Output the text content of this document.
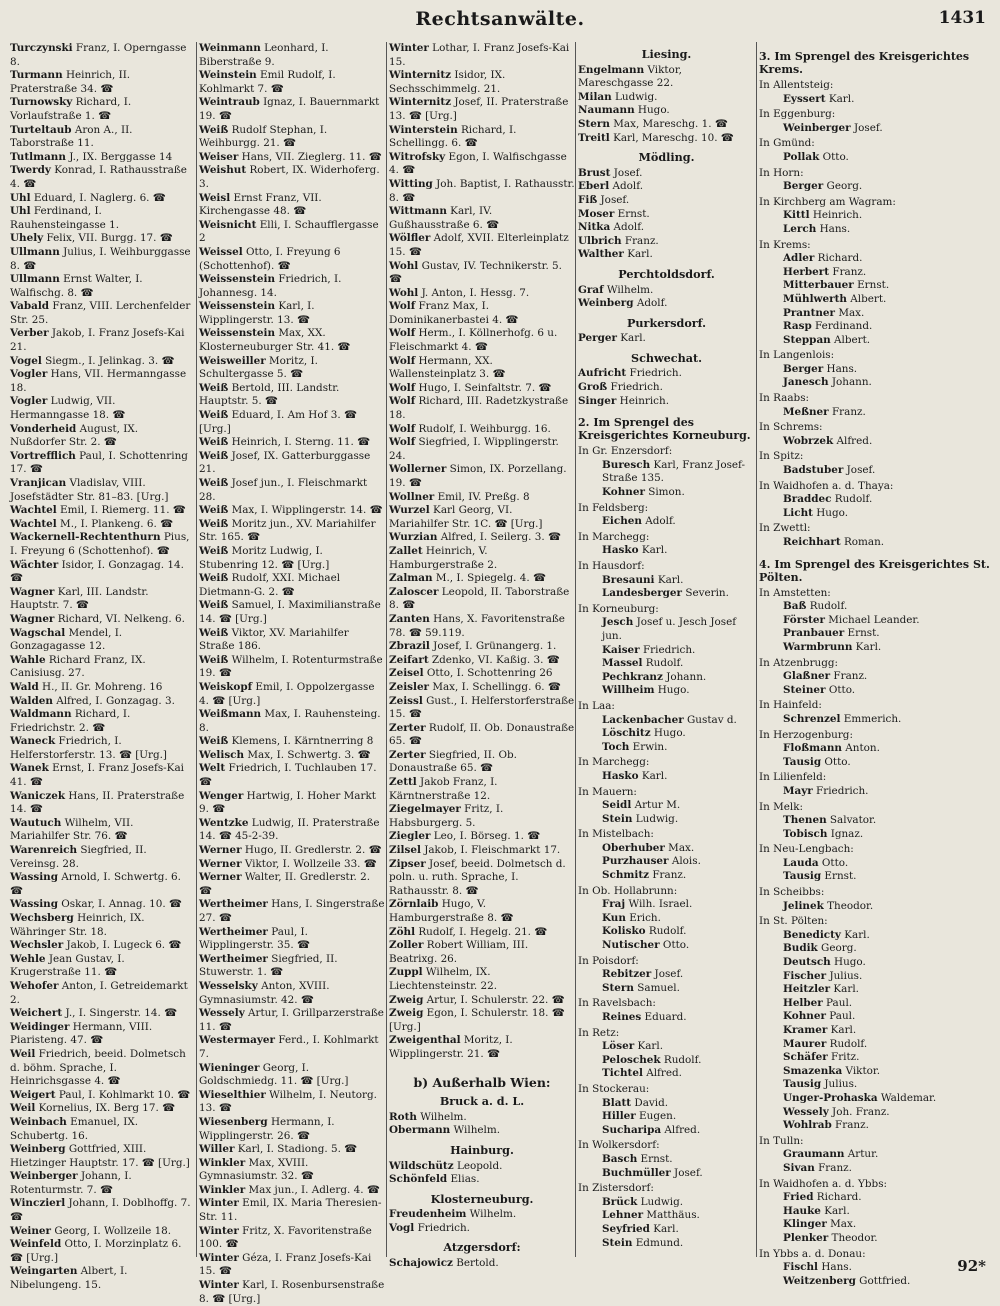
Rechtsanwälte.	1431
Turczynski Franz, I. Operngasse 8.
Turmann Heinrich, II. Praterstraße 34. ☎
Turnowsky Richard, I. Vorlaufstraße 1. ☎
Turteltaub Aron A., II. Taborstraße 11.
Tutlmann J., IX. Berggasse 14
Twerdy Konrad, I. Rathausstraße 4. ☎
Uhl Eduard, I. Naglerg. 6. ☎
Uhl Ferdinand, I. Rauhensteingasse 1.
Uhely Felix, VII. Burgg. 17. ☎
Ullmann Julius, I. Weihburggasse 8. ☎
Ullmann Ernst Walter, I. Walfischg. 8. ☎
Vabald Franz, VIII. Lerchenfelder Str. 25.
Verber Jakob, I. Franz Josefs-Kai 21.
Vogel Siegm., I. Jelinkag. 3. ☎
Vogler Hans, VII. Hermanngasse 18.
Vogler Ludwig, VII. Hermanngasse 18. ☎
Vonderheid August, IX. Nußdorfer Str. 2. ☎
Vortrefflich Paul, I. Schottenring 17. ☎
Vranjican Vladislav, VIII. Josefstädter Str. 81–83. [Urg.]
Wachtel Emil, I. Riemerg. 11. ☎
Wachtel M., I. Plankeng. 6. ☎
Wackernell-Rechtenthurn Pius, I. Freyung 6 (Schottenhof). ☎
Wächter Isidor, I. Gonzagag. 14. ☎
Wagner Karl, III. Landstr. Hauptstr. 7. ☎
Wagner Richard, VI. Nelkeng. 6.
Wagschal Mendel, I. Gonzagagasse 12.
Wahle Richard Franz, IX. Canisiusg. 27.
Wald H., II. Gr. Mohreng. 16
Walden Alfred, I. Gonzagag. 3.
Waldmann Richard, I. Friedrichstr. 2. ☎
Waneck Friedrich, I. Helferstorferstr. 13. ☎ [Urg.]
Wanek Ernst, I. Franz Josefs-Kai 41. ☎
Waniczek Hans, II. Praterstraße 14. ☎
Wautuch Wilhelm, VII. Mariahilfer Str. 76. ☎
Warenreich Siegfried, II. Vereinsg. 28.
Wassing Arnold, I. Schwertg. 6. ☎
Wassing Oskar, I. Annag. 10. ☎
Wechsberg Heinrich, IX. Währinger Str. 18.
Wechsler Jakob, I. Lugeck 6. ☎
Wehle Jean Gustav, I. Krugerstraße 11. ☎
Wehofer Anton, I. Getreidemarkt 2.
Weichert J., I. Singerstr. 14. ☎
Weidinger Hermann, VIII. Piaristeng. 47. ☎
Weil Friedrich, beeid. Dolmetsch d. böhm. Sprache, I. Heinrichsgasse 4. ☎
Weigert Paul, I. Kohlmarkt 10. ☎
Weil Kornelius, IX. Berg 17. ☎
Weinbach Emanuel, IX. Schubertg. 16.
Weinberg Gottfried, XIII. Hietzinger Hauptstr. 17. ☎ [Urg.]
Weinberger Johann, I. Rotenturmstr. 7. ☎
Winczierl Johann, I. Doblhoffg. 7. ☎
Weiner Georg, I. Wollzeile 18.
Weinfeld Otto, I. Morzinplatz 6. ☎ [Urg.]
Weingarten Albert, I. Nibelungeng. 15.
Weinmann Leonhard, I. Biberstraße 9.
Weinstein Emil Rudolf, I. Kohlmarkt 7. ☎
Weintraub Ignaz, I. Bauernmarkt 19. ☎
Weiß Rudolf Stephan, I. Weihburgg. 21. ☎
Weiser Hans, VII. Zieglerg. 11. ☎
Weishut Robert, IX. Widerhoferg. 3.
Weisl Ernst Franz, VII. Kirchengasse 48. ☎
Weisnicht Elli, I. Schaufflergasse 2
Weissel Otto, I. Freyung 6 (Schottenhof). ☎
Weissenstein Friedrich, I. Johannesg. 14.
Weissenstein Karl, I. Wipplingerstr. 13. ☎
Weissenstein Max, XX. Klosterneuburger Str. 41. ☎
Weisweiller Moritz, I. Schultergasse 5. ☎
Weiß Bertold, III. Landstr. Hauptstr. 5. ☎
Weiß Eduard, I. Am Hof 3. ☎ [Urg.]
Weiß Heinrich, I. Sterng. 11. ☎
Weiß Josef, IX. Gatterburggasse 21.
Weiß Josef jun., I. Fleischmarkt 28.
Weiß Max, I. Wipplingerstr. 14. ☎
Weiß Moritz jun., XV. Mariahilfer Str. 165. ☎
Weiß Moritz Ludwig, I. Stubenring 12. ☎ [Urg.]
Weiß Rudolf, XXI. Michael Dietmann-G. 2. ☎
Weiß Samuel, I. Maximilianstraße 14. ☎ [Urg.]
Weiß Viktor, XV. Mariahilfer Straße 186.
Weiß Wilhelm, I. Rotenturmstraße 19. ☎
Weiskopf Emil, I. Oppolzergasse 4. ☎ [Urg.]
Weißmann Max, I. Rauhensteing. 8.
Weiß Klemens, I. Kärntnerring 8
Welisch Max, I. Schwertg. 3. ☎
Welt Friedrich, I. Tuchlauben 17. ☎
Wenger Hartwig, I. Hoher Markt 9. ☎
Wentzke Ludwig, II. Praterstraße 14. ☎ 45-2-39.
Werner Hugo, II. Gredlerstr. 2. ☎
Werner Viktor, I. Wollzeile 33. ☎
Werner Walter, II. Gredlerstr. 2. ☎
Wertheimer Hans, I. Singerstraße 27. ☎
Wertheimer Paul, I. Wipplingerstr. 35. ☎
Wertheimer Siegfried, II. Stuwerstr. 1. ☎
Wesselsky Anton, XVIII. Gymnasiumstr. 42. ☎
Wessely Artur, I. Grillparzerstraße 11. ☎
Westermayer Ferd., I. Kohlmarkt 7.
Wieninger Georg, I. Goldschmiedg. 11. ☎ [Urg.]
Wieselthier Wilhelm, I. Neutorg. 13. ☎
Wiesenberg Hermann, I. Wipplingerstr. 26. ☎
Willer Karl, I. Stadiong. 5. ☎
Winkler Max, XVIII. Gymnasiumstr. 32. ☎
Winkler Max jun., I. Adlerg. 4. ☎
Winter Emil, IX. Maria Theresien-Str. 11.
Winter Fritz, X. Favoritenstraße 100. ☎
Winter Géza, I. Franz Josefs-Kai 15. ☎
Winter Karl, I. Rosenbursenstraße 8. ☎ [Urg.]
Winter Lothar, I. Franz Josefs-Kai 15.
Winternitz Isidor, IX. Sechsschimmelg. 21.
Winternitz Josef, II. Praterstraße 13. ☎ [Urg.]
Winterstein Richard, I. Schellingg. 6. ☎
Witrofsky Egon, I. Walfischgasse 4. ☎
Witting Joh. Baptist, I. Rathausstr. 8. ☎
Wittmann Karl, IV. Gußhausstraße 6. ☎
Wölfler Adolf, XVII. Elterleinplatz 15. ☎
Wohl Gustav, IV. Technikerstr. 5. ☎
Wohl J. Anton, I. Hessg. 7.
Wolf Franz Max, I. Dominikanerbastei 4. ☎
Wolf Herm., I. Köllnerhofg. 6 u. Fleischmarkt 4. ☎
Wolf Hermann, XX. Wallensteinplatz 3. ☎
Wolf Hugo, I. Seinfaltstr. 7. ☎
Wolf Richard, III. Radetzkystraße 18.
Wolf Rudolf, I. Weihburgg. 16.
Wolf Siegfried, I. Wipplingerstr. 24.
Wollerner Simon, IX. Porzellang. 19. ☎
Wollner Emil, IV. Preßg. 8
Wurzel Karl Georg, VI. Mariahilfer Str. 1C. ☎ [Urg.]
Wurzian Alfred, I. Seilerg. 3. ☎
Zallet Heinrich, V. Hamburgerstraße 2.
Zalman M., I. Spiegelg. 4. ☎
Zaloscer Leopold, II. Taborstraße 8. ☎
Zanten Hans, X. Favoritenstraße 78. ☎ 59.119.
Zbrazil Josef, I. Grünangerg. 1.
Zeifart Zdenko, VI. Kaßig. 3. ☎
Zeisel Otto, I. Schottenring 26
Zeisler Max, I. Schellingg. 6. ☎
Zeissl Gust., I. Helferstorferstraße 15. ☎
Zerter Rudolf, II. Ob. Donaustraße 65. ☎
Zerter Siegfried, II. Ob. Donaustraße 65. ☎
Zettl Jakob Franz, I. Kärntnerstraße 12.
Ziegelmayer Fritz, I. Habsburgerg. 5.
Ziegler Leo, I. Börseg. 1. ☎
Zilsel Jakob, I. Fleischmarkt 17.
Zipser Josef, beeid. Dolmetsch d. poln. u. ruth. Sprache, I. Rathausstr. 8. ☎
Zörnlaib Hugo, V. Hamburgerstraße 8. ☎
Zöhl Rudolf, I. Hegelg. 21. ☎
Zoller Robert William, III. Beatrixg. 26.
Zuppl Wilhelm, IX. Liechtensteinstr. 22.
Zweig Artur, I. Schulerstr. 22. ☎
Zweig Egon, I. Schulerstr. 18. ☎ [Urg.]
Zweigenthal Moritz, I. Wipplingerstr. 21. ☎
b) Außerhalb Wien:
Bruck a. d. L.
Roth Wilhelm.
Obermann Wilhelm.
Hainburg.
Wildschütz Leopold.
Schönfeld Elias.
Klosterneuburg.
Freudenheim Wilhelm.
Vogl Friedrich.
Atzgersdorf:
Schajowicz Bertold.
Liesing.
Engelmann Viktor, Mareschgasse 22.
Milan Ludwig.
Naumann Hugo.
Stern Max, Mareschg. 1. ☎
Treitl Karl, Mareschg. 10. ☎
Mödling.
Brust Josef.
Eberl Adolf.
Fiß Josef.
Moser Ernst.
Nitka Adolf.
Ulbrich Franz.
Walther Karl.
Perchtoldsdorf.
Graf Wilhelm.
Weinberg Adolf.
Purkersdorf.
Perger Karl.
Schwechat.
Aufricht Friedrich.
Groß Friedrich.
Singer Heinrich.
2. Im Sprengel des Kreisgerichtes Korneuburg.
In Gr. Enzersdorf:
Buresch Karl, Franz Josef-Straße 135.
Kohner Simon.
In Feldsberg:
Eichen Adolf.
In Marchegg:
Hasko Karl.
In Hausdorf:
Bresauni Karl.
Landesberger Severin.
In Korneuburg:
Jesch Josef u. Jesch Josef jun.
Kaiser Friedrich.
Massel Rudolf.
Pechkranz Johann.
Willheim Hugo.
In Laa:
Lackenbacher Gustav d.
Löschitz Hugo.
Toch Erwin.
In Marchegg:
Hasko Karl.
In Mauern:
Seidl Artur M.
Stein Ludwig.
In Mistelbach:
Oberhuber Max.
Purzhauser Alois.
Schmitz Franz.
In Ob. Hollabrunn:
Fraj Wilh. Israel.
Kun Erich.
Kolisko Rudolf.
Nutischer Otto.
In Poisdorf:
Rebitzer Josef.
Stern Samuel.
In Ravelsbach:
Reines Eduard.
In Retz:
Löser Karl.
Peloschek Rudolf.
Tichtel Alfred.
In Stockerau:
Blatt David.
Hiller Eugen.
Sucharipa Alfred.
In Wolkersdorf:
Basch Ernst.
Buchmüller Josef.
In Zistersdorf:
Brück Ludwig.
Lehner Matthäus.
Seyfried Karl.
Stein Edmund.
3. Im Sprengel des Kreisgerichtes Krems.
In Allentsteig:
Eyssert Karl.
In Eggenburg:
Weinberger Josef.
In Gmünd:
Pollak Otto.
In Horn:
Berger Georg.
In Kirchberg am Wagram:
Kittl Heinrich.
Lerch Hans.
In Krems:
Adler Richard.
Herbert Franz.
Mitterbauer Ernst.
Mühlwerth Albert.
Prantner Max.
Rasp Ferdinand.
Steppan Albert.
In Langenlois:
Berger Hans.
Janesch Johann.
In Raabs:
Meßner Franz.
In Schrems:
Wobrzek Alfred.
In Spitz:
Badstuber Josef.
In Waidhofen a. d. Thaya:
Braddec Rudolf.
Licht Hugo.
In Zwettl:
Reichhart Roman.
4. Im Sprengel des Kreisgerichtes St. Pölten.
In Amstetten:
Baß Rudolf.
Förster Michael Leander.
Pranbauer Ernst.
Warmbrunn Karl.
In Atzenbrugg:
Glaßner Franz.
Steiner Otto.
In Hainfeld:
Schrenzel Emmerich.
In Herzogenburg:
Floßmann Anton.
Tausig Otto.
In Lilienfeld:
Mayr Friedrich.
In Melk:
Thenen Salvator.
Tobisch Ignaz.
In Neu-Lengbach:
Lauda Otto.
Tausig Ernst.
In Scheibbs:
Jelinek Theodor.
In St. Pölten:
Benedicty Karl.
Budik Georg.
Deutsch Hugo.
Fischer Julius.
Heitzler Karl.
Helber Paul.
Kohner Paul.
Kramer Karl.
Maurer Rudolf.
Schäfer Fritz.
Smazenka Viktor.
Tausig Julius.
Unger-Prohaska Waldemar.
Wessely Joh. Franz.
Wohlrab Franz.
In Tulln:
Graumann Artur.
Sivan Franz.
In Waidhofen a. d. Ybbs:
Fried Richard.
Hauke Karl.
Klinger Max.
Plenker Theodor.
In Ybbs a. d. Donau:
Fischl Hans.
Weitzenberg Gottfried.
92*
